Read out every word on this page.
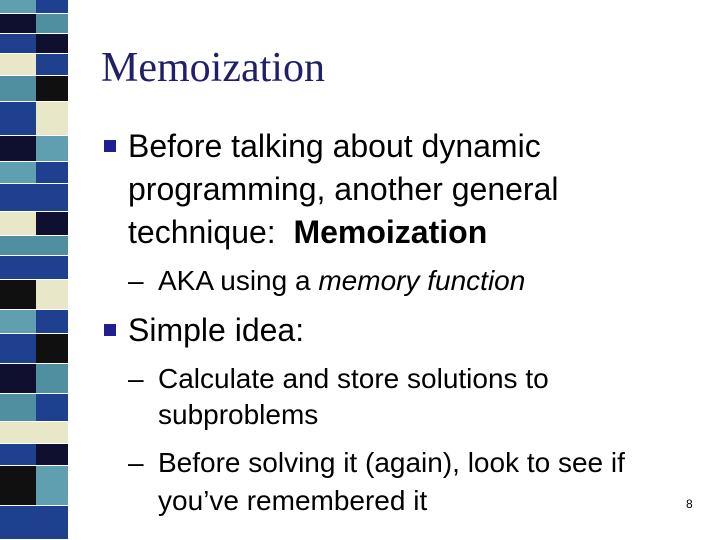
Memoization
Before talking about dynamic
programming, another general
technique:  Memoization
– AKA using a memory function
Simple idea:
– Calculate and store solutions to
subproblems
– Before solving it (again), look to see if
you’ve remembered it	8
